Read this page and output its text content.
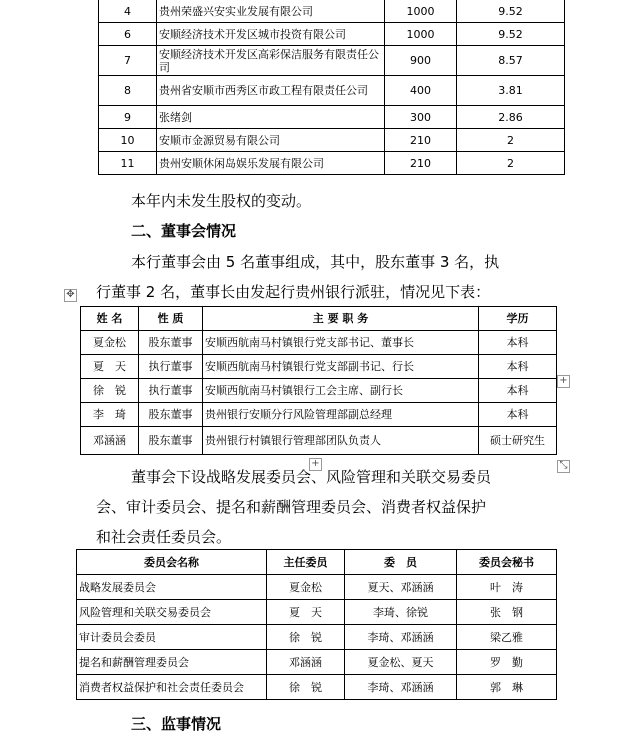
4	贵州荣盛兴安实业发展有限公司	1000	9.52
6	安顺经济技术开发区城市投资有限公司	1000	9.52
7	安顺经济技术开发区高彩保洁服务有限责任公司	900	8.57
8	贵州省安顺市西秀区市政工程有限责任公司	400	3.81
9	张绪剑	300	2.86
10	安顺市金源贸易有限公司	210	2
11	贵州安顺休闲岛娱乐发展有限公司	210	2

本年内未发生股权的变动。

二、董事会情况

本行董事会由 5 名董事组成，其中，股东董事 3 名，执

行董事 2 名，董事长由发起行贵州银行派驻，情况见下表：

✥
姓 名	性 质	主 要 职 务	学历
夏金松	股东董事	安顺西航南马村镇银行党支部书记、董事长	本科
夏　天	执行董事	安顺西航南马村镇银行党支部副书记、行长	本科
徐　锐	执行董事	安顺西航南马村镇银行工会主席、副行长	本科
李　琦	股东董事	贵州银行安顺分行风险管理部副总经理	本科
邓涵涵	股东董事	贵州银行村镇银行管理部团队负责人	硕士研究生
+
+	⤡

董事会下设战略发展委员会、风险管理和关联交易委员

会、审计委员会、提名和薪酬管理委员会、消费者权益保护

和社会责任委员会。

委员会名称	主任委员	委　员	委员会秘书
战略发展委员会	夏金松	夏天、邓涵涵	叶　涛
风险管理和关联交易委员会	夏　天	李琦、徐锐	张　钢
审计委员会委员	徐　锐	李琦、邓涵涵	梁乙雅
提名和薪酬管理委员会	邓涵涵	夏金松、夏天	罗　勤
消费者权益保护和社会责任委员会	徐　锐	李琦、邓涵涵	郭　琳

三、监事情况
